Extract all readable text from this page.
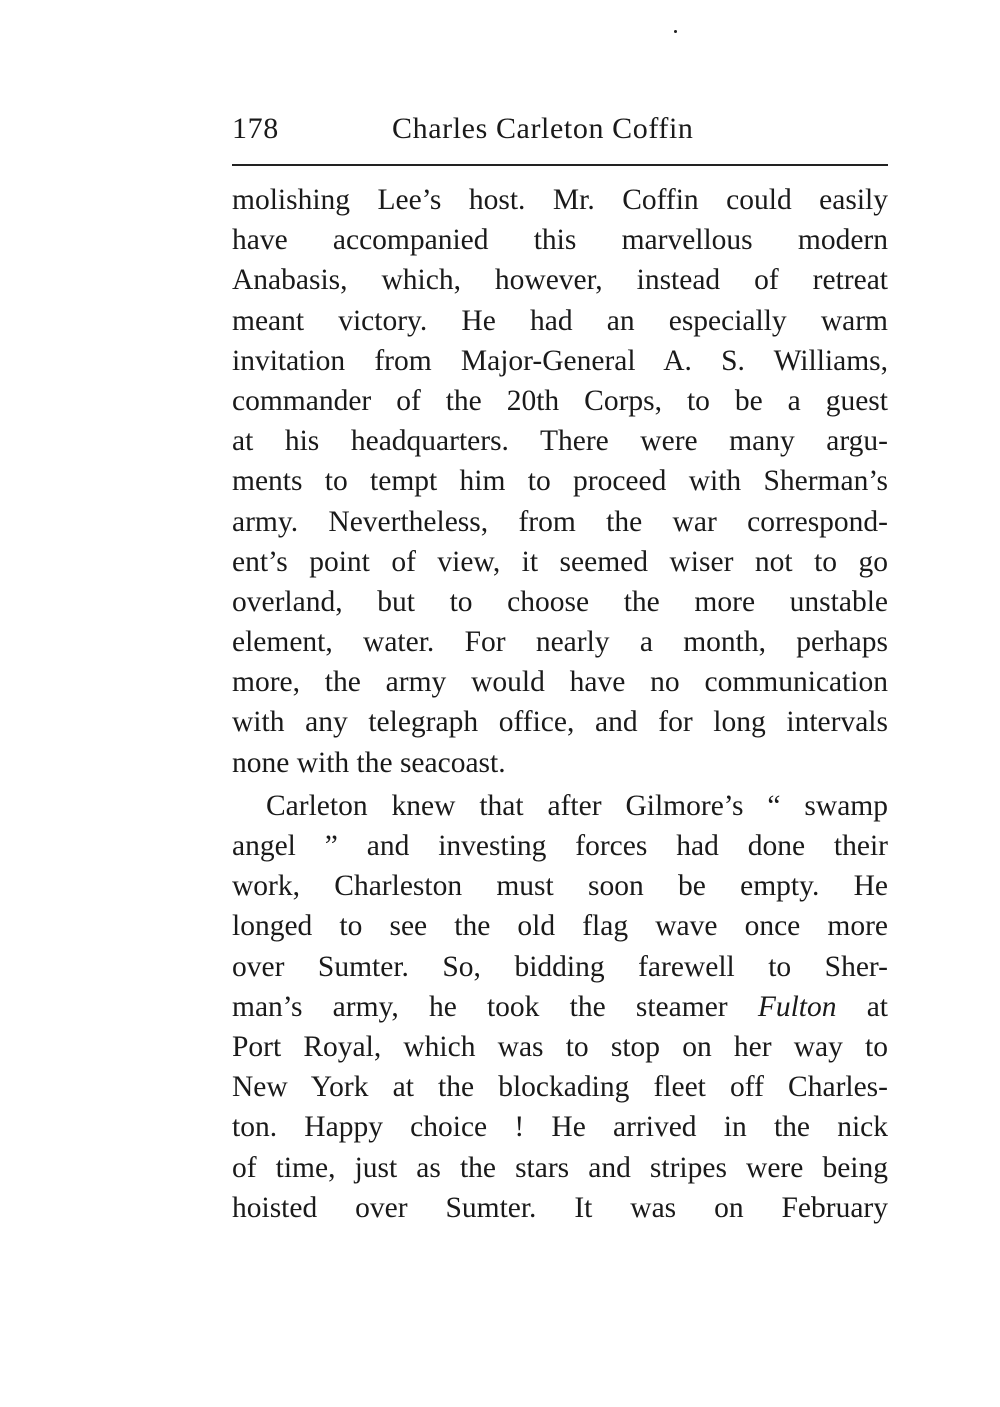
178	Charles Carleton Coffin
molishing Lee’s host. Mr. Coffin could easily
have accompanied this marvellous modern
Anabasis, which, however, instead of retreat
meant victory. He had an especially warm
invitation from Major-General A. S. Williams,
commander of the 20th Corps, to be a guest
at his headquarters. There were many argu-
ments to tempt him to proceed with Sherman’s
army. Nevertheless, from the war correspond-
ent’s point of view, it seemed wiser not to go
overland, but to choose the more unstable
element, water. For nearly a month, perhaps
more, the army would have no communication
with any telegraph office, and for long intervals
none with the seacoast.
Carleton knew that after Gilmore’s “ swamp
angel ” and investing forces had done their
work, Charleston must soon be empty. He
longed to see the old flag wave once more
over Sumter. So, bidding farewell to Sher-
man’s army, he took the steamer Fulton at
Port Royal, which was to stop on her way to
New York at the blockading fleet off Charles-
ton. Happy choice ! He arrived in the nick
of time, just as the stars and stripes were being
hoisted over Sumter. It was on February
